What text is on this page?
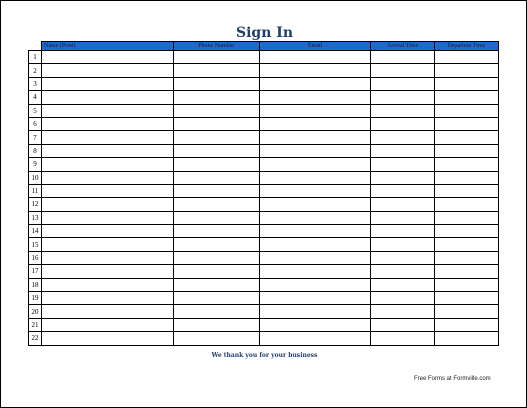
Sign In
	Name (Print)	Phone Number	Email	Arrival Time	Departure Time
1					
2					
3					
4					
5					
6					
7					
8					
9					
10					
11					
12					
13					
14					
15					
16					
17					
18					
19					
20					
21					
22					
We thank you for your business
Free Forms at Formville.com
